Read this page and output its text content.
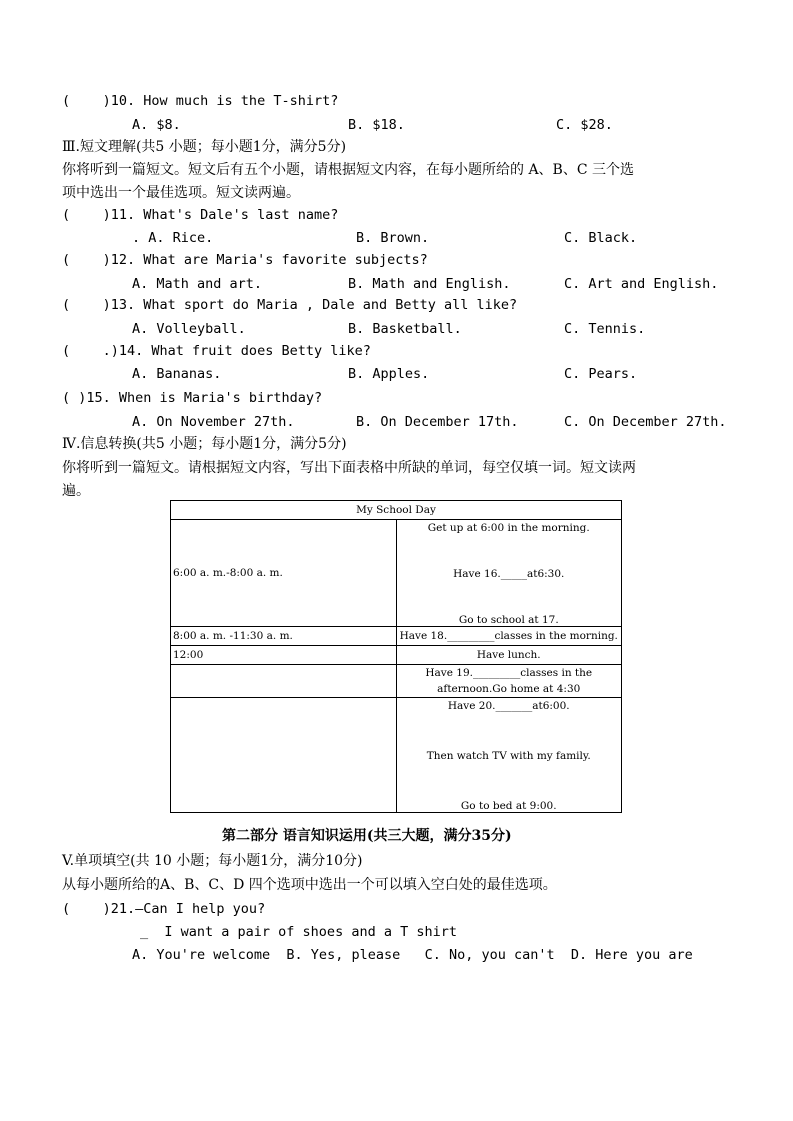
(    )10. How much is the T-shirt?
A. $8.	B. $18.	C. $28.
Ⅲ.短文理解(共5 小题；每小题1分，满分5分)
你将听到一篇短文。短文后有五个小题，请根据短文内容，在每小题所给的 A、B、C 三个选
项中选出一个最佳选项。短文读两遍。
(    )11. What's Dale's last name?
. A. Rice.	B. Brown.	C. Black.
(    )12. What are Maria's favorite subjects?
A. Math and art.	B. Math and English.	C. Art and English.
(    )13. What sport do Maria , Dale and Betty all like?
A. Volleyball.	B. Basketball.	C. Tennis.
(    .)14. What fruit does Betty like?
A. Bananas.	B. Apples.	C. Pears.
( )15. When is Maria's birthday?
A. On November 27th.	B. On December 17th.	C. On December 27th.
Ⅳ.信息转换(共5 小题；每小题1分，满分5分)
你将听到一篇短文。请根据短文内容，写出下面表格中所缺的单词，每空仅填一词。短文读两
遍。
My School Day	
6:00 a. m.-8:00 a. m.	Get up at 6:00 in the morning.
Have 16._____at6:30.
Go to school at 17.

8:00 a. m. -11:30 a. m.	Have 18._________classes in the morning.
12:00	Have lunch.
	Have 19._________classes in the afternoon.Go home at 4:30

	Have 20._______at6:00.
Then watch TV with my family.
Go to bed at 9:00.
第二部分 语言知识运用(共三大题，满分35分)
V.单项填空(共 10 小题；每小题1分，满分10分)
从每小题所给的A、B、C、D 四个选项中选出一个可以填入空白处的最佳选项。
(    )21.—Can I help you?
_  I want a pair of shoes and a T shirt
A. You're welcome  B. Yes, please   C. No, you can't  D. Here you are
